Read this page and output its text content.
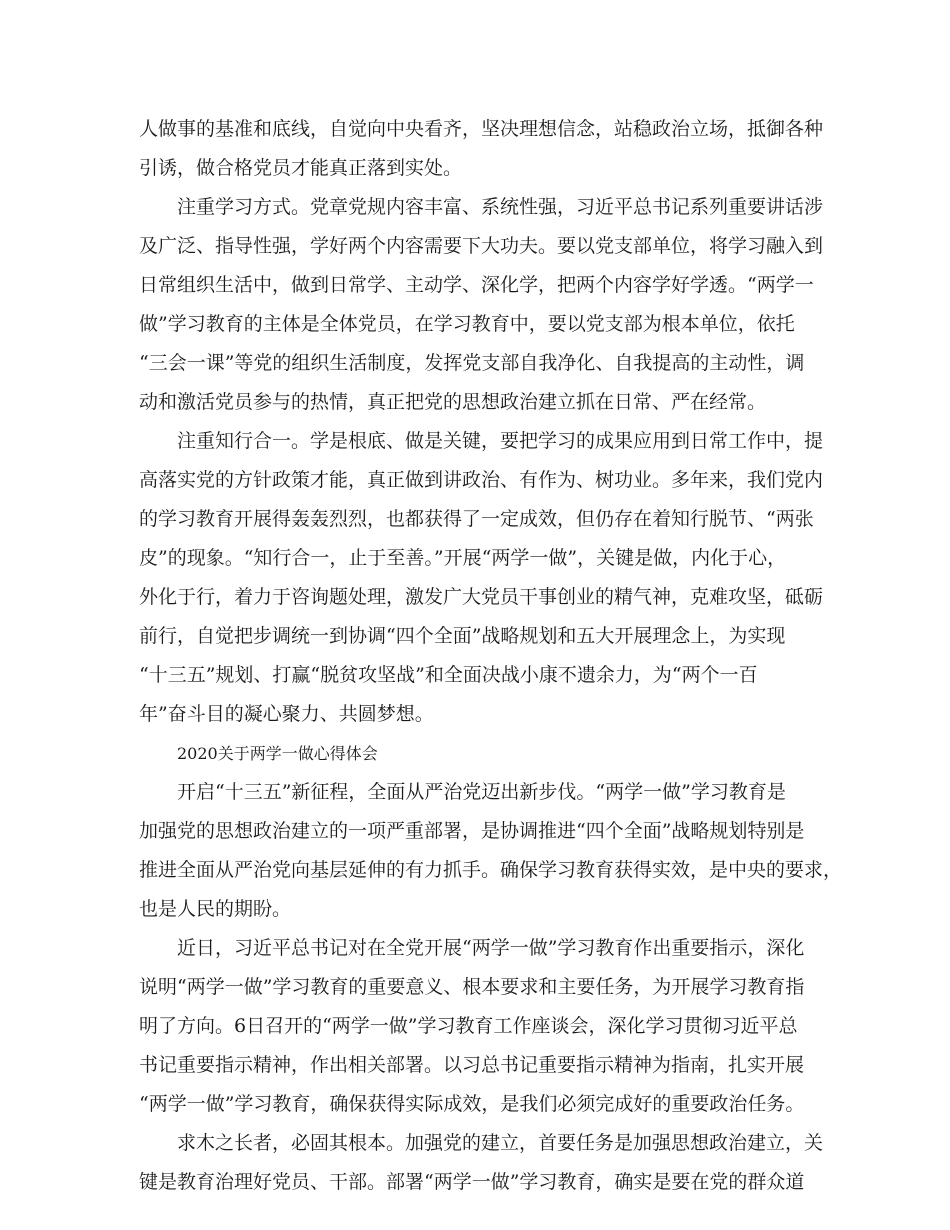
人做事的基准和底线，自觉向中央看齐，坚决理想信念，站稳政治立场，抵御各种
引诱，做合格党员才能真正落到实处。
注重学习方式。党章党规内容丰富、系统性强，习近平总书记系列重要讲话涉
及广泛、指导性强，学好两个内容需要下大功夫。要以党支部单位，将学习融入到
日常组织生活中，做到日常学、主动学、深化学，把两个内容学好学透。“两学一
做”学习教育的主体是全体党员，在学习教育中，要以党支部为根本单位，依托
“三会一课”等党的组织生活制度，发挥党支部自我净化、自我提高的主动性，调
动和激活党员参与的热情，真正把党的思想政治建立抓在日常、严在经常。
注重知行合一。学是根底、做是关键，要把学习的成果应用到日常工作中，提
高落实党的方针政策才能，真正做到讲政治、有作为、树功业。多年来，我们党内
的学习教育开展得轰轰烈烈，也都获得了一定成效，但仍存在着知行脱节、“两张
皮”的现象。“知行合一，止于至善。”开展“两学一做”，关键是做，内化于心，
外化于行，着力于咨询题处理，激发广大党员干事创业的精气神，克难攻坚，砥砺
前行，自觉把步调统一到协调“四个全面”战略规划和五大开展理念上，为实现
“十三五”规划、打赢“脱贫攻坚战”和全面决战小康不遗余力，为“两个一百
年”奋斗目的凝心聚力、共圆梦想。
2020关于两学一做心得体会
开启“十三五”新征程，全面从严治党迈出新步伐。“两学一做”学习教育是
加强党的思想政治建立的一项严重部署，是协调推进“四个全面”战略规划特别是
推进全面从严治党向基层延伸的有力抓手。确保学习教育获得实效，是中央的要求，
也是人民的期盼。
近日，习近平总书记对在全党开展“两学一做”学习教育作出重要指示，深化
说明“两学一做”学习教育的重要意义、根本要求和主要任务，为开展学习教育指
明了方向。6日召开的“两学一做”学习教育工作座谈会，深化学习贯彻习近平总
书记重要指示精神，作出相关部署。以习总书记重要指示精神为指南，扎实开展
“两学一做”学习教育，确保获得实际成效，是我们必须完成好的重要政治任务。
求木之长者，必固其根本。加强党的建立，首要任务是加强思想政治建立，关
键是教育治理好党员、干部。部署“两学一做”学习教育，确实是要在党的群众道
